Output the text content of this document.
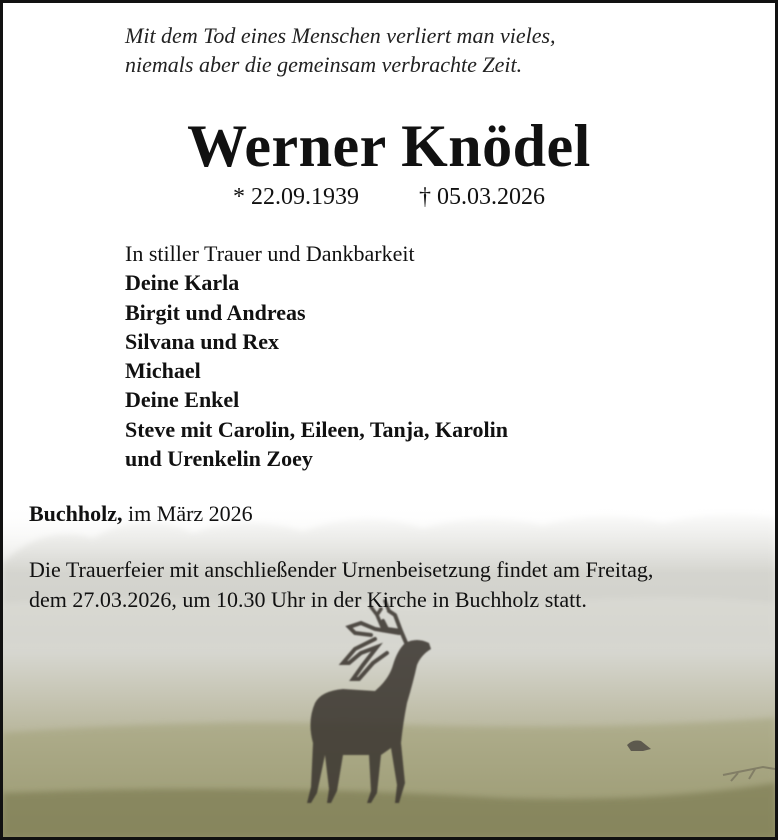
Mit dem Tod eines Menschen verliert man vieles,
niemals aber die gemeinsam verbrachte Zeit.
Werner Knödel
* 22.09.1939	† 05.03.2026
In stiller Trauer und Dankbarkeit
Deine Karla
Birgit und Andreas
Silvana und Rex
Michael
Deine Enkel
Steve mit Carolin, Eileen, Tanja, Karolin
und Urenkelin Zoey
Buchholz, im März 2026
Die Trauerfeier mit anschließender Urnenbeisetzung findet am Freitag,
dem 27.03.2026, um 10.30 Uhr in der Kirche in Buchholz statt.
